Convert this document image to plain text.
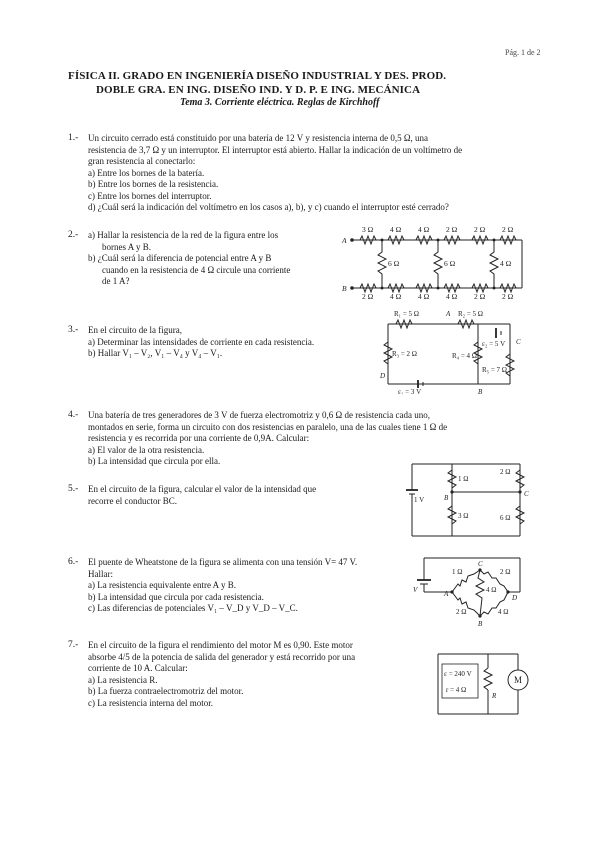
Pág. 1 de 2
FÍSICA II. GRADO EN INGENIERÍA DISEÑO INDUSTRIAL Y DES. PROD.
DOBLE GRA. EN ING. DISEÑO IND. Y D. P. E ING. MECÁNICA
Tema 3. Corriente eléctrica. Reglas de Kirchhoff
1.- Un circuito cerrado está constituido por una batería de 12 V y resistencia interna de 0,5 Ω, una

resistencia de 3,7 Ω y un interruptor. El interruptor está abierto. Hallar la indicación de un voltímetro de

gran resistencia al conectarlo:

a) Entre los bornes de la batería.

b) Entre los bornes de la resistencia.

c) Entre los bornes del interruptor.

d) ¿Cuál será la indicación del voltímetro en los casos a), b), y c) cuando el interruptor esté cerrado?

2.- a) Hallar la resistencia de la red de la figura entre los

bornes A y B.

b) ¿Cuál será la diferencia de potencial entre A y B

cuando en la resistencia de 4 Ω circule una corriente

de 1 A?

A
B
3 Ω 4 Ω 4 Ω 2 Ω 2 Ω 2 Ω
6 Ω	6 Ω	4 Ω
2 Ω 4 Ω 4 Ω 4 Ω 2 Ω 2 Ω
3.- En el circuito de la figura,

a) Determinar las intensidades de corriente en cada resistencia.

b) Hallar V₁ – V₂, V₁ – V₄ y V₄ – V₁.

R₁ = 5 Ω	R₂ = 5 Ω
A
R₃ = 2 Ω	R₄ = 4 Ω
ε₂ = 5 V C
R₅ = 7 Ω
D
ε₁ = 3 V	B
4.- Una batería de tres generadores de 3 V de fuerza electromotriz y 0,6 Ω de resistencia cada uno,

montados en serie, forma un circuito con dos resistencias en paralelo, una de las cuales tiene 1 Ω de

resistencia y es recorrida por una corriente de 0,9A. Calcular:

a) El valor de la otra resistencia.

b) La intensidad que circula por ella.

5.- En el circuito de la figura, calcular el valor de la intensidad que

recorre el conductor BC.	1 V
1 Ω
2 Ω
3 Ω	6 Ω
B	C
6.- El puente de Wheatstone de la figura se alimenta con una tensión V= 47 V.

Hallar:

a) La resistencia equivalente entre A y B.

b) La intensidad que circula por cada resistencia.

c) Las diferencias de potenciales V₁ – V_D y V_D – V_C.

V
1 Ω	2 Ω
4 Ω
2 Ω	4 Ω
A
B
C
D
7.- En el circuito de la figura el rendimiento del motor M es 0,90. Este motor

absorbe 4/5 de la potencia de salida del generador y está recorrido por una

corriente de 10 A. Calcular:

a) La resistencia R.

b) La fuerza contraelectromotriz del motor.

c) La resistencia interna del motor.

ε = 240 V
r = 4 Ω
R
M
